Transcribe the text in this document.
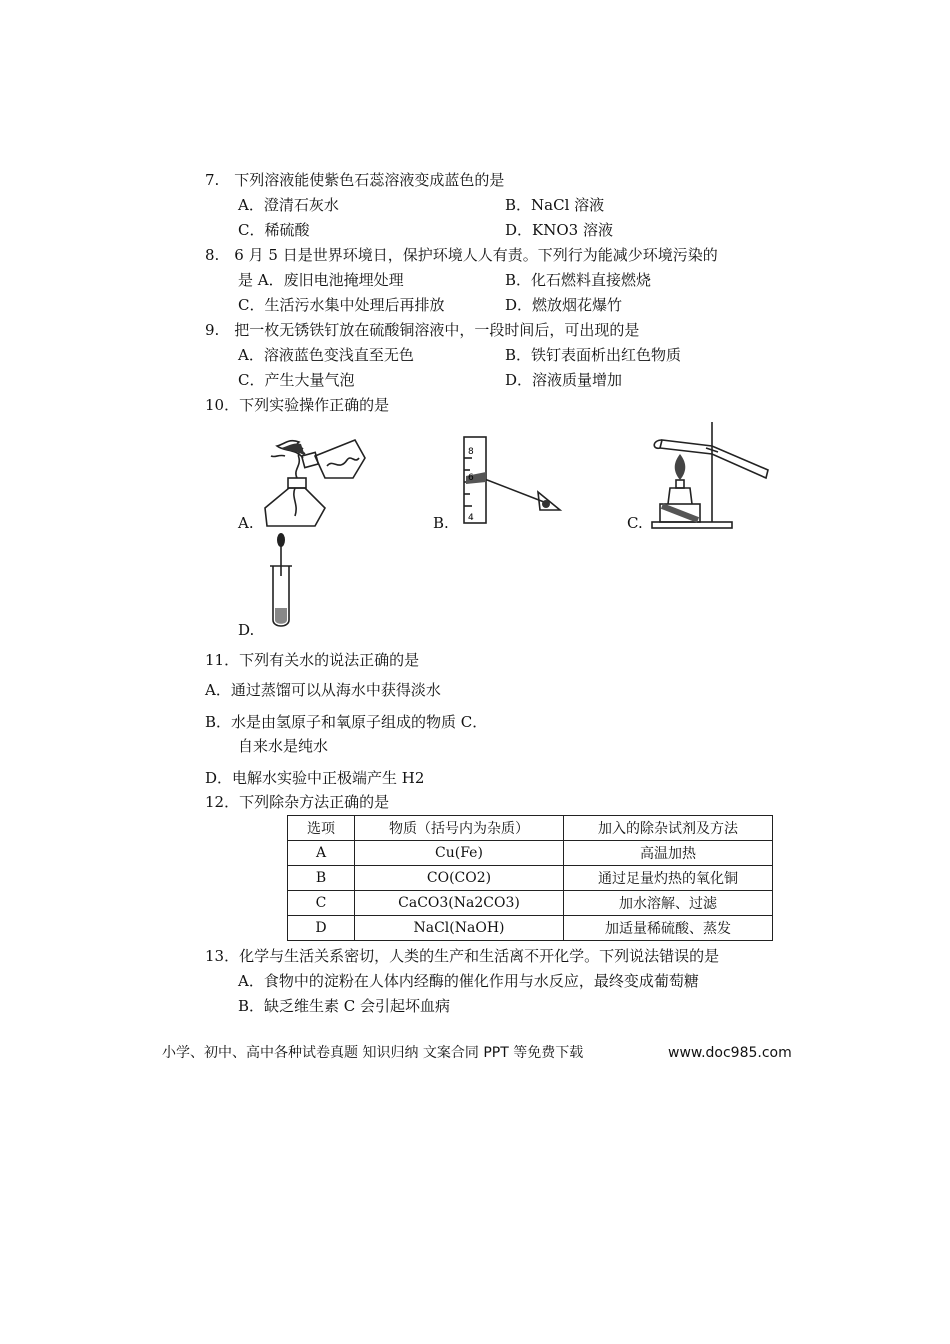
7.　下列溶液能使紫色石蕊溶液变成蓝色的是
A．澄清石灰水	B．NaCl 溶液
C．稀硫酸	D．KNO3 溶液
8.　6 月 5 日是世界环境日，保护环境人人有责。下列行为能减少环境污染的
是 A．废旧电池掩埋处理	B．化石燃料直接燃烧
C．生活污水集中处理后再排放	D．燃放烟花爆竹
9.　把一枚无锈铁钉放在硫酸铜溶液中，一段时间后，可出现的是
A．溶液蓝色变浅直至无色	B．铁钉表面析出红色物质
C．产生大量气泡	D．溶液质量增加
10．下列实验操作正确的是
A.
8
6
4
B.	C.
D.
11．下列有关水的说法正确的是
A．通过蒸馏可以从海水中获得淡水
B．水是由氢原子和氧原子组成的物质 C．
自来水是纯水
D．电解水实验中正极端产生 H2
12．下列除杂方法正确的是
选项	物质（括号内为杂质）	加入的除杂试剂及方法
A	Cu(Fe)	高温加热
B	CO(CO2)	通过足量灼热的氧化铜
C	CaCO3(Na2CO3)	加水溶解、过滤
D	NaCl(NaOH)	加适量稀硫酸、蒸发
13．化学与生活关系密切，人类的生产和生活离不开化学。下列说法错误的是
A．食物中的淀粉在人体内经酶的催化作用与水反应，最终变成葡萄糖
B．缺乏维生素 C 会引起坏血病
小学、初中、高中各种试卷真题 知识归纳 文案合同 PPT 等免费下载	www.doc985.com
